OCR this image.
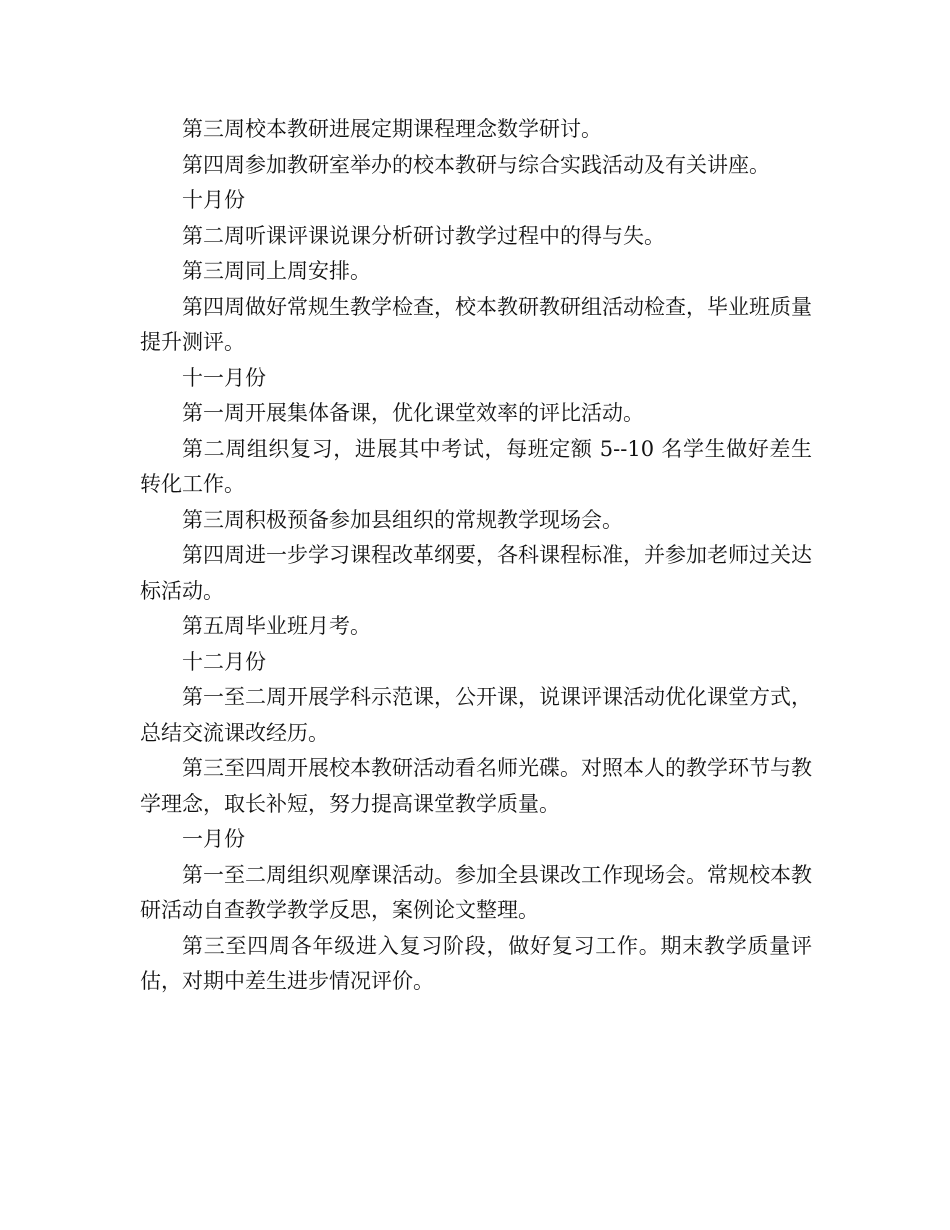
第三周校本教研进展定期课程理念数学研讨。

第四周参加教研室举办的校本教研与综合实践活动及有关讲座。

十月份

第二周听课评课说课分析研讨教学过程中的得与失。

第三周同上周安排。

第四周做好常规生教学检查，校本教研教研组活动检查，毕业班质量提升测评。

十一月份

第一周开展集体备课，优化课堂效率的评比活动。

第二周组织复习，进展其中考试，每班定额 5--10 名学生做好差生转化工作。

第三周积极预备参加县组织的常规教学现场会。

第四周进一步学习课程改革纲要，各科课程标准，并参加老师过关达标活动。

第五周毕业班月考。

十二月份

第一至二周开展学科示范课，公开课，说课评课活动优化课堂方式，总结交流课改经历。

第三至四周开展校本教研活动看名师光碟。对照本人的教学环节与教学理念，取长补短，努力提高课堂教学质量。

一月份

第一至二周组织观摩课活动。参加全县课改工作现场会。常规校本教研活动自查教学教学反思，案例论文整理。

第三至四周各年级进入复习阶段，做好复习工作。期末教学质量评估，对期中差生进步情况评价。
